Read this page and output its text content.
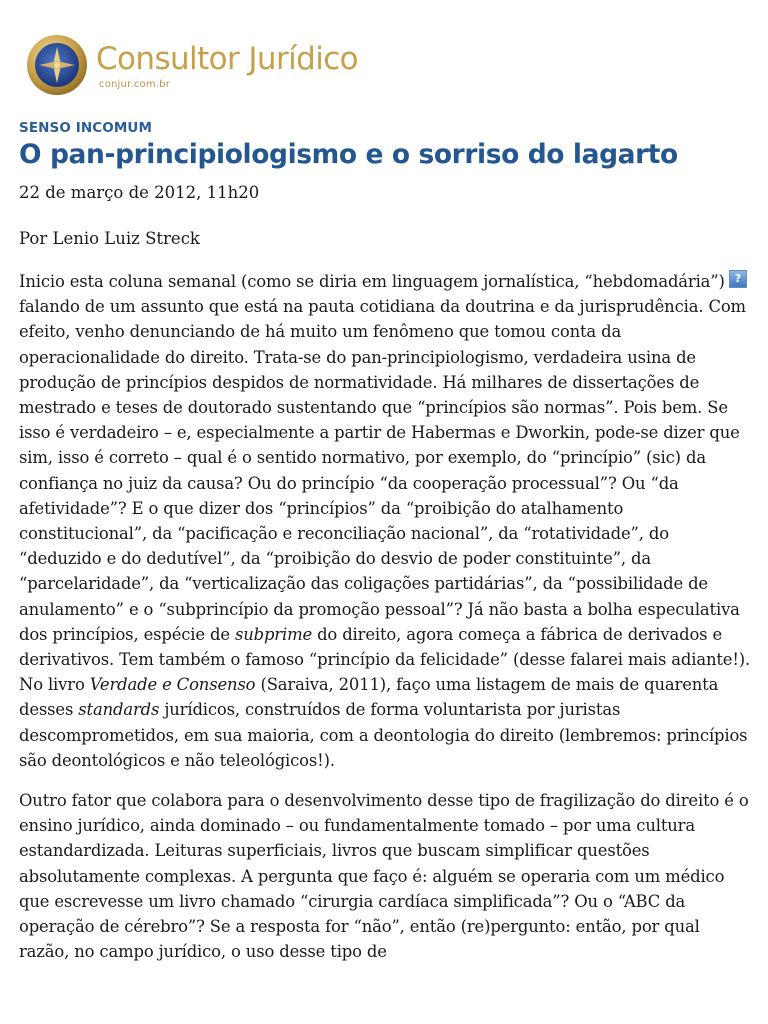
Consultor Jurídico
conjur.com.br
?
SENSO INCOMUM
O pan-principiologismo e o sorriso do lagarto
22 de março de 2012, 11h20
Por Lenio Luiz Streck

Inicio esta coluna semanal (como se diria em linguagem jornalística, “hebdomadária”) falando de um assunto que está na pauta cotidiana da doutrina e da jurisprudência. Com efeito, venho denunciando de há muito um fenômeno que tomou conta da operacionalidade do direito. Trata-se do pan-principiologismo, verdadeira usina de produção de princípios despidos de normatividade. Há milhares de dissertações de mestrado e teses de doutorado sustentando que “princípios são normas”. Pois bem. Se isso é verdadeiro – e, especialmente a partir de Habermas e Dworkin, pode-se dizer que sim, isso é correto – qual é o sentido normativo, por exemplo, do “princípio” (sic) da confiança no juiz da causa? Ou do princípio “da cooperação processual”? Ou “da afetividade”? E o que dizer dos “princípios” da “proibição do atalhamento constitucional”, da “pacificação e reconciliação nacional”, da “rotatividade”, do “deduzido e do dedutível”, da “proibição do desvio de poder constituinte”, da “parcelaridade”, da “verticalização das coligações partidárias”, da “possibilidade de anulamento” e o “subprincípio da promoção pessoal”? Já não basta a bolha especulativa dos princípios, espécie de subprime do direito, agora começa a fábrica de derivados e derivativos. Tem também o famoso “princípio da felicidade” (desse falarei mais adiante!). No livro Verdade e Consenso (Saraiva, 2011), faço uma listagem de mais de quarenta desses standards jurídicos, construídos de forma voluntarista por juristas descomprometidos, em sua maioria, com a deontologia do direito (lembremos: princípios são deontológicos e não teleológicos!).

Outro fator que colabora para o desenvolvimento desse tipo de fragilização do direito é o ensino jurídico, ainda dominado – ou fundamentalmente tomado – por uma cultura estandardizada. Leituras superficiais, livros que buscam simplificar questões absolutamente complexas. A pergunta que faço é: alguém se operaria com um médico que escrevesse um livro chamado “cirurgia cardíaca simplificada”? Ou o “ABC da operação de cérebro”? Se a resposta for “não”, então (re)pergunto: então, por qual razão, no campo jurídico, o uso desse tipo de
